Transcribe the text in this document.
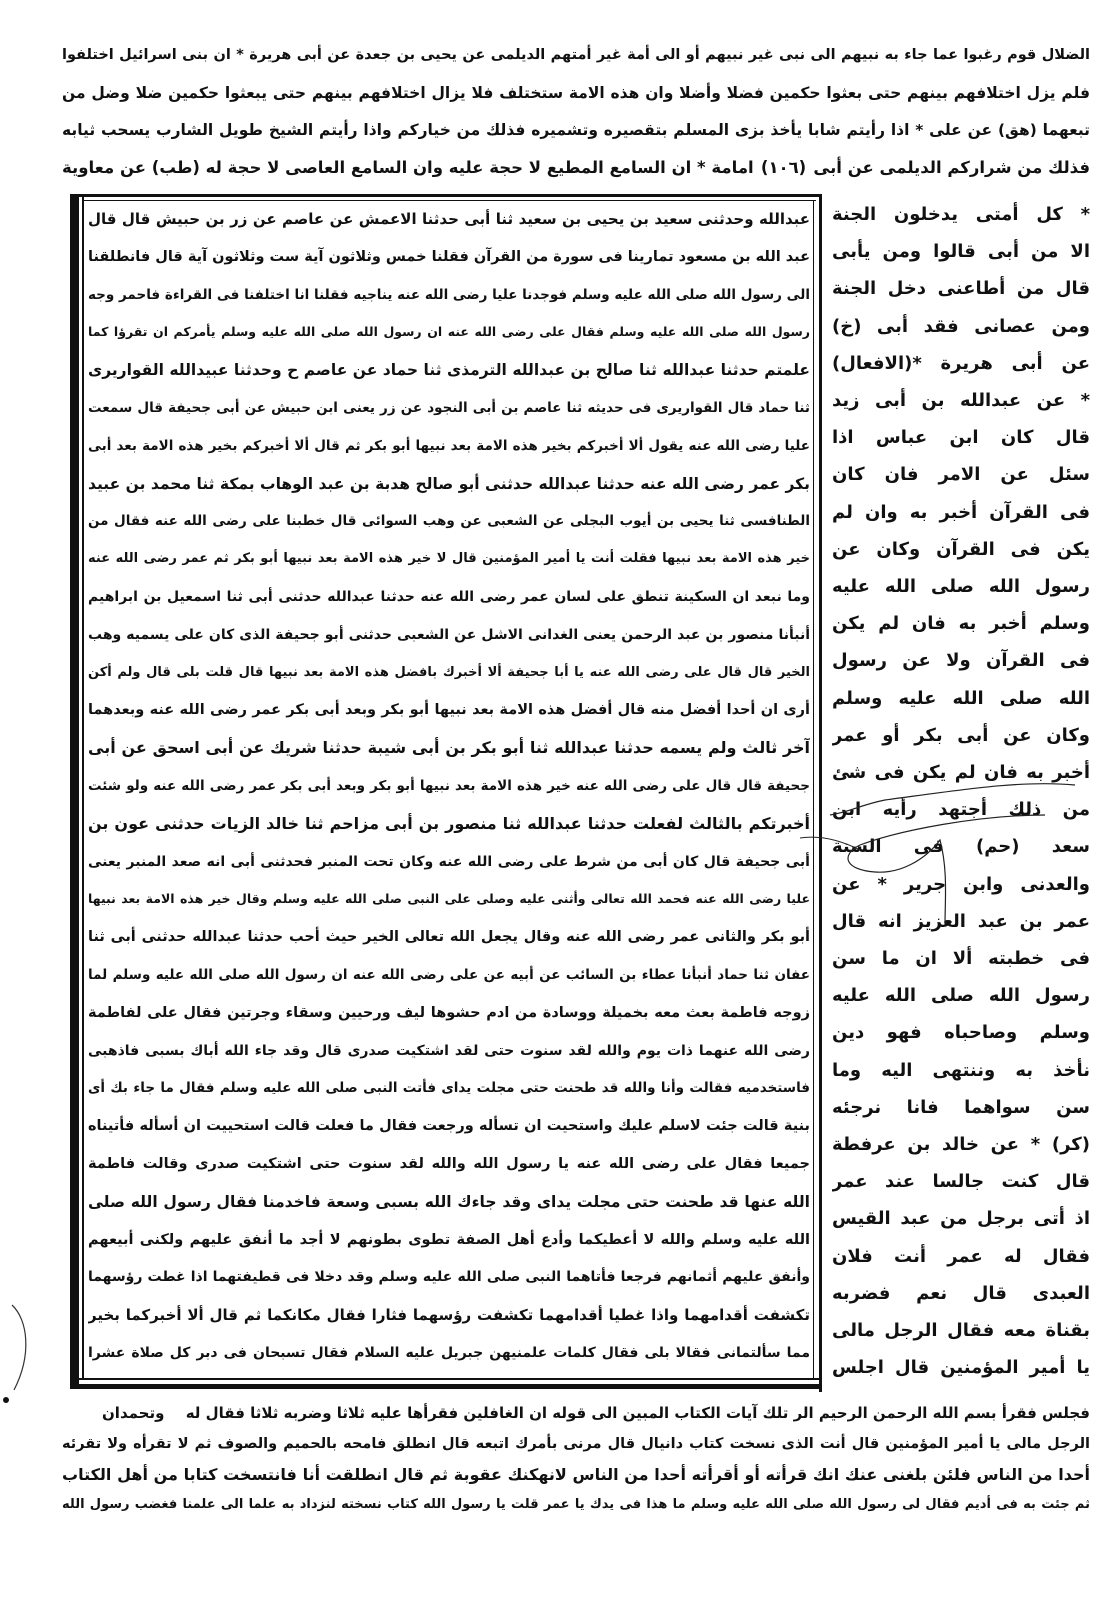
الضلال قوم رغبوا عما جاء به نبيهم الى نبى غير نبيهم أو الى أمة غير أمتهم الديلمى عن يحيى بن جعدة عن أبى هريرة * ان بنى اسرائيل اختلفوا
فلم يزل اختلافهم بينهم حتى بعثوا حكمين فضلا وأضلا وان هذه الامة ستختلف فلا يزال اختلافهم بينهم حتى يبعثوا حكمين ضلا وضل من
تبعهما (هق) عن على * اذا رأيتم شابا يأخذ بزى المسلم بتقصيره وتشميره فذلك من خياركم واذا رأيتم الشيخ طويل الشارب يسحب ثيابه
فذلك من شراركم الديلمى عن أبى
(١٠٦)
امامة * ان السامع المطيع لا حجة عليه وان السامع العاصى لا حجة له (طب) عن معاوية
عبدالله وحدثنى سعيد بن يحيى بن سعيد ثنا أبى حدثنا الاعمش عن عاصم عن زر بن حبيش قال قال
عبد الله بن مسعود تمارينا فى سورة من القرآن فقلنا خمس وثلاثون آية ست وثلاثون آية قال فانطلقنا
الى رسول الله صلى الله عليه وسلم فوجدنا عليا رضى الله عنه يناجيه فقلنا انا اختلفنا فى القراءة فاحمر وجه
رسول الله صلى الله عليه وسلم فقال على رضى الله عنه ان رسول الله صلى الله عليه وسلم يأمركم ان تقرؤا كما
علمتم حدثنا عبدالله ثنا صالح بن عبدالله الترمذى ثنا حماد عن عاصم ح وحدثنا عبيدالله القواريرى
ثنا حماد قال القواريرى فى حديثه ثنا عاصم بن أبى النجود عن زر يعنى ابن حبيش عن أبى جحيفة قال سمعت
عليا رضى الله عنه يقول ألا أخبركم بخير هذه الامة بعد نبيها أبو بكر ثم قال ألا أخبركم بخير هذه الامة بعد أبى
بكر عمر رضى الله عنه حدثنا عبدالله حدثنى أبو صالح هدبة بن عبد الوهاب بمكة ثنا محمد بن عبيد
الطنافسى ثنا يحيى بن أيوب البجلى عن الشعبى عن وهب السوائى قال خطبنا على رضى الله عنه فقال من
خير هذه الامة بعد نبيها فقلت أنت يا أمير المؤمنين قال لا خير هذه الامة بعد نبيها أبو بكر ثم عمر رضى الله عنه
وما نبعد ان السكينة تنطق على لسان عمر رضى الله عنه حدثنا عبدالله حدثنى أبى ثنا اسمعيل بن ابراهيم
أنبأنا منصور بن عبد الرحمن يعنى الغدانى الاشل عن الشعبى حدثنى أبو جحيفة الذى كان على يسميه وهب
الخير قال قال على رضى الله عنه يا أبا جحيفة ألا أخبرك بافضل هذه الامة بعد نبيها قال قلت بلى قال ولم أكن
أرى ان أحدا أفضل منه قال أفضل هذه الامة بعد نبيها أبو بكر وبعد أبى بكر عمر رضى الله عنه وبعدهما
آخر ثالث ولم يسمه حدثنا عبدالله ثنا أبو بكر بن أبى شيبة حدثنا شريك عن أبى اسحق عن أبى
جحيفة قال قال على رضى الله عنه خير هذه الامة بعد نبيها أبو بكر وبعد أبى بكر عمر رضى الله عنه ولو شئت
أخبرتكم بالثالث لفعلت حدثنا عبدالله ثنا منصور بن أبى مزاحم ثنا خالد الزيات حدثنى عون بن
أبى جحيفة قال كان أبى من شرط على رضى الله عنه وكان تحت المنبر فحدثنى أبى انه صعد المنبر يعنى
عليا رضى الله عنه فحمد الله تعالى وأثنى عليه وصلى على النبى صلى الله عليه وسلم وقال خير هذه الامة بعد نبيها
أبو بكر والثانى عمر رضى الله عنه وقال يجعل الله تعالى الخير حيث أحب حدثنا عبدالله حدثنى أبى ثنا
عفان ثنا حماد أنبأنا عطاء بن السائب عن أبيه عن على رضى الله عنه ان رسول الله صلى الله عليه وسلم لما
زوجه فاطمة بعث معه بخميلة ووسادة من ادم حشوها ليف ورحيين وسقاء وجرتين فقال على لفاطمة
رضى الله عنهما ذات يوم والله لقد سنوت حتى لقد اشتكيت صدرى قال وقد جاء الله أباك بسبى فاذهبى
فاستخدميه فقالت وأنا والله قد طحنت حتى مجلت يداى فأتت النبى صلى الله عليه وسلم فقال ما جاء بك أى
بنية قالت جئت لاسلم عليك واستحيت ان تسأله ورجعت فقال ما فعلت قالت استحييت ان أسأله فأتيناه
جميعا فقال على رضى الله عنه يا رسول الله والله لقد سنوت حتى اشتكيت صدرى وقالت فاطمة
الله عنها قد طحنت حتى مجلت يداى وقد جاءك الله بسبى وسعة فاخدمنا فقال رسول الله صلى
الله عليه وسلم والله لا أعطيكما وأدع أهل الصفة تطوى بطونهم لا أجد ما أنفق عليهم ولكنى أبيعهم
وأنفق عليهم أثمانهم فرجعا فأتاهما النبى صلى الله عليه وسلم وقد دخلا فى قطيفتهما اذا غطت رؤسهما
تكشفت أقدامهما واذا غطيا أقدامهما تكشفت رؤسهما فثارا فقال مكانكما ثم قال ألا أخبركما بخير
مما سألتمانى فقالا بلى فقال كلمات علمنيهن جبريل عليه السلام فقال تسبحان فى دبر كل صلاة عشرا
* كل أمتى يدخلون الجنة
الا من أبى قالوا ومن يأبى
قال من أطاعنى دخل الجنة
ومن عصانى فقد أبى (خ)
عن أبى هريرة *(الافعال)
* عن عبدالله بن أبى زيد
قال كان ابن عباس اذا
سئل عن الامر فان كان
فى القرآن أخبر به وان لم
يكن فى القرآن وكان عن
رسول الله صلى الله عليه
وسلم أخبر به فان لم يكن
فى القرآن ولا عن رسول
الله صلى الله عليه وسلم
وكان عن أبى بكر أو عمر
أخبر به فان لم يكن فى شئ
من ذلك أجتهد رأيه ابن
سعد (حم) فى السنة
والعدنى وابن جرير * عن
عمر بن عبد العزيز انه قال
فى خطبته ألا ان ما سن
رسول الله صلى الله عليه
وسلم وصاحباه فهو دين
نأخذ به وننتهى اليه وما
سن سواهما فانا نرجئه
(كر) * عن خالد بن عرفطة
قال كنت جالسا عند عمر
اذ أتى برجل من عبد القيس
فقال له عمر أنت فلان
العبدى قال نعم فضربه
بقناة معه فقال الرجل مالى
يا أمير المؤمنين قال اجلس
فجلس فقرأ بسم الله الرحمن الرحيم الر تلك آيات الكتاب المبين الى قوله ان الغافلين فقرأها عليه ثلاثا وضربه ثلاثا فقال له
وتحمدان
الرجل مالى يا أمير المؤمنين قال أنت الذى نسخت كتاب دانيال قال مرنى بأمرك اتبعه قال انطلق فامحه بالحميم والصوف ثم لا تقرأه ولا تقرئه
أحدا من الناس فلئن بلغنى عنك انك قرأته أو أقرأته أحدا من الناس لانهكنك عقوبة ثم قال انطلقت أنا فانتسخت كتابا من أهل الكتاب
ثم جئت به فى أديم فقال لى رسول الله صلى الله عليه وسلم ما هذا فى يدك يا عمر قلت يا رسول الله كتاب نسخته لنزداد به علما الى علمنا فغضب رسول الله
